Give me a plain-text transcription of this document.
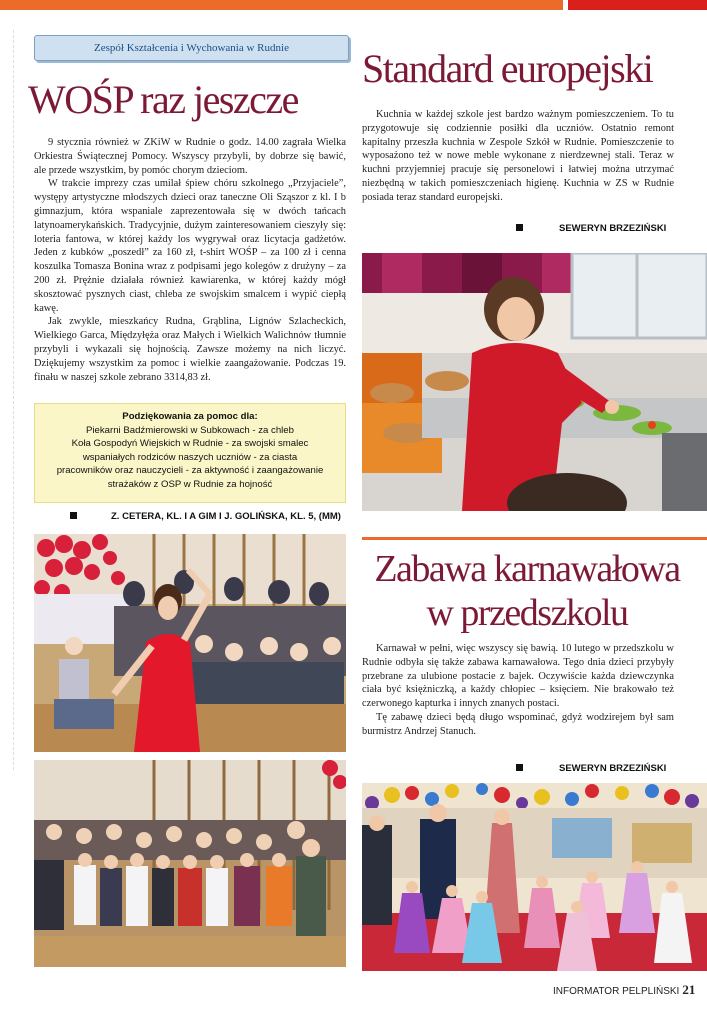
Zespół Kształcenia i Wychowania w Rudnie
WOŚP raz jeszcze

9 stycznia również w ZKiW w Rudnie o godz. 14.00 zagrała Wielka Orkiestra Świątecznej Pomocy. Wszyscy przybyli, by dobrze się bawić, ale przede wszystkim, by pomóc chorym dzieciom.

W trakcie imprezy czas umilał śpiew chóru szkolnego „Przyjaciele”, występy artystyczne młodszych dzieci oraz taneczne Oli Sząszor z kl. I b gimnazjum, która wspaniale zaprezentowała się w dwóch tańcach latynoamerykańskich. Tradycyjnie, dużym zainteresowaniem cieszyły się: loteria fantowa, w której każdy los wygrywał oraz licytacja gadżetów. Jeden z kubków „poszedł” za 160 zł, t-shirt WOŚP – za 100 zł i cenna koszulka Tomasza Bonina wraz z podpisami jego kolegów z drużyny – za 200 zł. Prężnie działała również kawiarenka, w której każdy mógł skosztować pysznych ciast, chleba ze swojskim smalcem i wypić ciepłą kawę.

Jak zwykle, mieszkańcy Rudna, Grąblina, Lignów Szlacheckich, Wielkiego Garca, Międzyłęża oraz Małych i Wielkich Walichnów tłumnie przybyli i wykazali się hojnością. Zawsze możemy na nich liczyć. Dziękujemy wszystkim za pomoc i wielkie zaangażowanie. Podczas 19. finału w naszej szkole zebrano 3314,83 zł.

Podziękowania za pomoc dla:
Piekarni Badźmierowski w Subkowach - za chleb
Koła Gospodyń Wiejskich w Rudnie - za swojski smalec
wspaniałych rodziców naszych uczniów - za ciasta
pracowników oraz nauczycieli - za aktywność i zaangażowanie
strażaków z OSP w Rudnie za hojność
Z. CETERA, KL. I A GIM I J. GOLIŃSKA, KL. 5, (MM)
Standard europejski

Kuchnia w każdej szkole jest bardzo ważnym pomieszczeniem. To tu przygotowuje się codziennie posiłki dla uczniów. Ostatnio remont kapitalny przeszła kuchnia w Zespole Szkół w Rudnie. Pomieszczenie to wyposażono też w nowe meble wykonane z nierdzewnej stali. Teraz w kuchni przyjemniej pracuje się personelowi i łatwiej można utrzymać niezbędną w takich pomieszczeniach higienę. Kuchnia w ZS w Rudnie posiada teraz standard europejski.

SEWERYN BRZEZIŃSKI
Zabawa karnawałowa
w przedszkolu

Karnawał w pełni, więc wszyscy się bawią. 10 lutego w przedszkolu w Rudnie odbyła się także zabawa karnawałowa. Tego dnia dzieci przybyły przebrane za ulubione postacie z bajek. Oczywiście każda dziewczynka ciała być księżniczką, a każdy chłopiec – księciem. Nie brakowało też czerwonego kapturka i innych znanych postaci.

Tę zabawę dzieci będą długo wspominać, gdyż wodzirejem był sam burmistrz Andrzej Stanuch.

SEWERYN BRZEZIŃSKI
INFORMATOR PELPLIŃSKI 21
